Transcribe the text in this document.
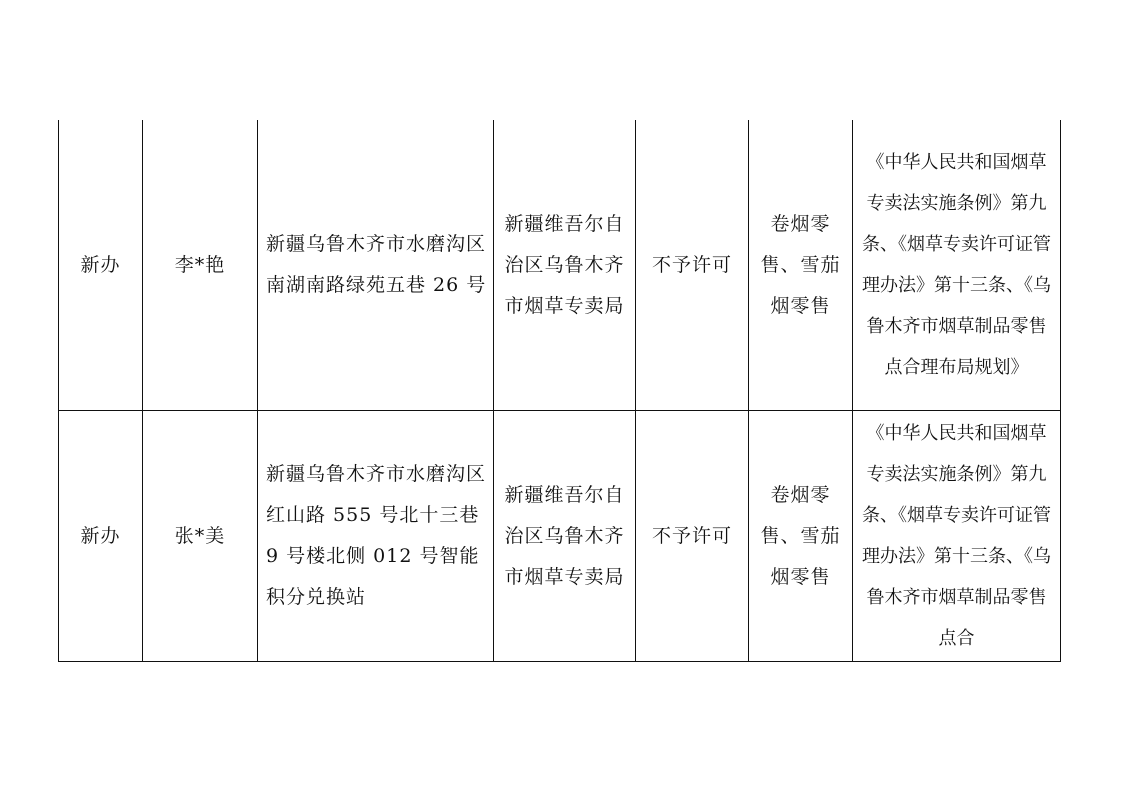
新办	李*艳	新疆乌鲁木齐市水磨沟区南湖南路绿苑五巷 26 号	新疆维吾尔自治区乌鲁木齐市烟草专卖局	不予许可	卷烟零售、雪茄烟零售	《中华人民共和国烟草专卖法实施条例》第九条、《烟草专卖许可证管理办法》第十三条、《乌鲁木齐市烟草制品零售点合理布局规划》

新办	张*美	新疆乌鲁木齐市水磨沟区红山路 555 号北十三巷 9 号楼北侧 012 号智能积分兑换站	新疆维吾尔自治区乌鲁木齐市烟草专卖局	不予许可	卷烟零售、雪茄烟零售	《中华人民共和国烟草专卖法实施条例》第九条、《烟草专卖许可证管理办法》第十三条、《乌鲁木齐市烟草制品零售点合
